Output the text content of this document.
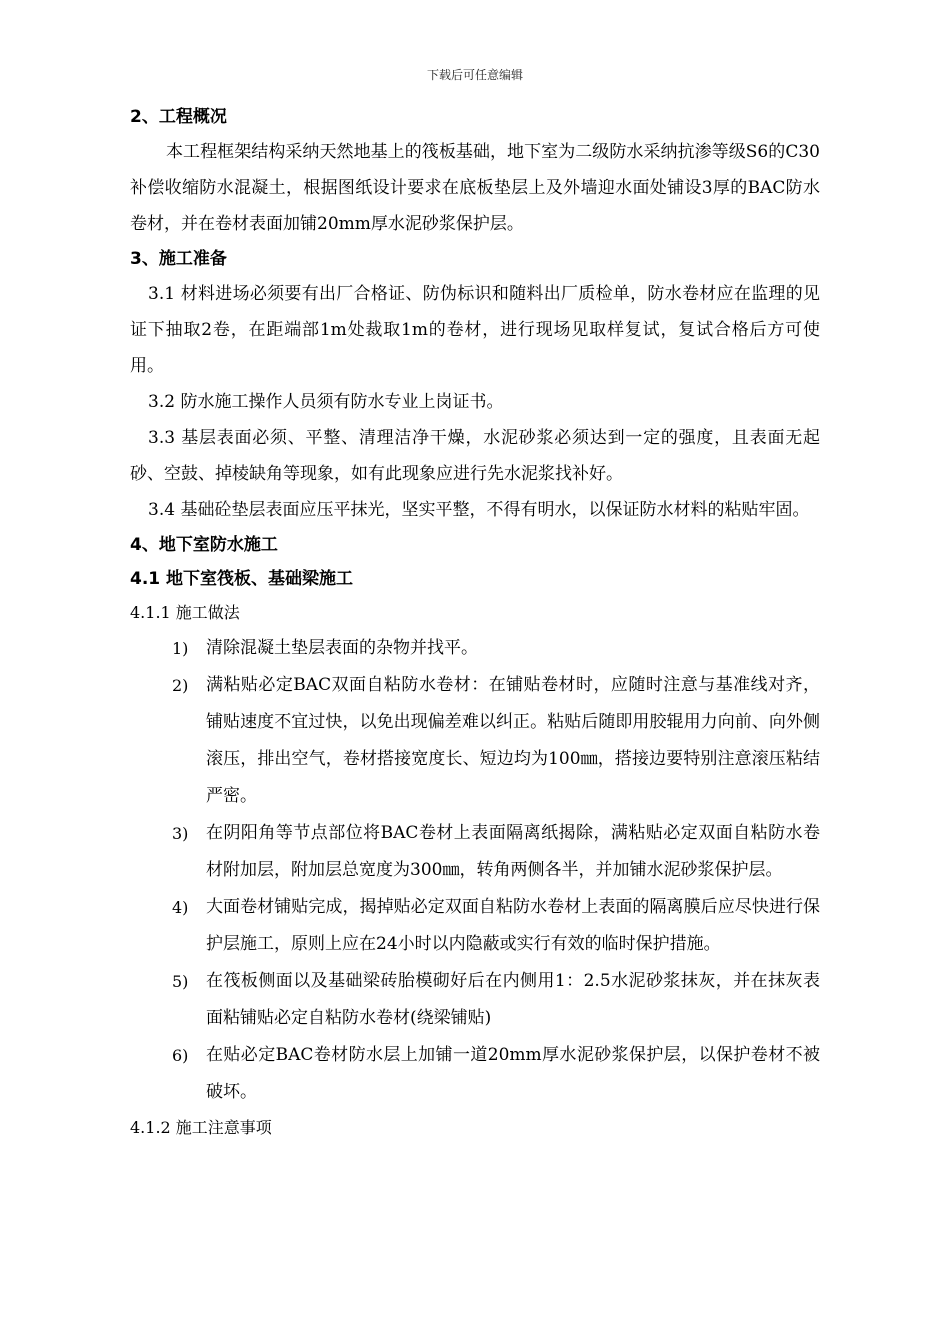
下载后可任意编辑
2、工程概况
本工程框架结构采纳天然地基上的筏板基础，地下室为二级防水采纳抗渗等级S6的C30补偿收缩防水混凝土，根据图纸设计要求在底板垫层上及外墙迎水面处铺设3厚的BAC防水卷材，并在卷材表面加铺20mm厚水泥砂浆保护层。
3、施工准备
3.1 材料进场必须要有出厂合格证、防伪标识和随料出厂质检单，防水卷材应在监理的见证下抽取2卷，在距端部1m处裁取1m的卷材，进行现场见取样复试，复试合格后方可使用。
3.2 防水施工操作人员须有防水专业上岗证书。
3.3 基层表面必须、平整、清理洁净干燥，水泥砂浆必须达到一定的强度，且表面无起砂、空鼓、掉棱缺角等现象，如有此现象应进行先水泥浆找补好。
3.4 基础砼垫层表面应压平抹光，坚实平整，不得有明水，以保证防水材料的粘贴牢固。
4、地下室防水施工
4.1 地下室筏板、基础梁施工
4.1.1 施工做法
1) 清除混凝土垫层表面的杂物并找平。
2) 满粘贴必定BAC双面自粘防水卷材：在铺贴卷材时，应随时注意与基准线对齐，铺贴速度不宜过快，以免出现偏差难以纠正。粘贴后随即用胶辊用力向前、向外侧滚压，排出空气，卷材搭接宽度长、短边均为100㎜，搭接边要特别注意滚压粘结严密。
3) 在阴阳角等节点部位将BAC卷材上表面隔离纸揭除，满粘贴必定双面自粘防水卷材附加层，附加层总宽度为300㎜，转角两侧各半，并加铺水泥砂浆保护层。
4) 大面卷材铺贴完成，揭掉贴必定双面自粘防水卷材上表面的隔离膜后应尽快进行保护层施工，原则上应在24小时以内隐蔽或实行有效的临时保护措施。
5) 在筏板侧面以及基础梁砖胎模砌好后在内侧用1：2.5水泥砂浆抹灰，并在抹灰表面粘铺贴必定自粘防水卷材(绕梁铺贴)
6) 在贴必定BAC卷材防水层上加铺一道20mm厚水泥砂浆保护层，以保护卷材不被破坏。
4.1.2 施工注意事项
